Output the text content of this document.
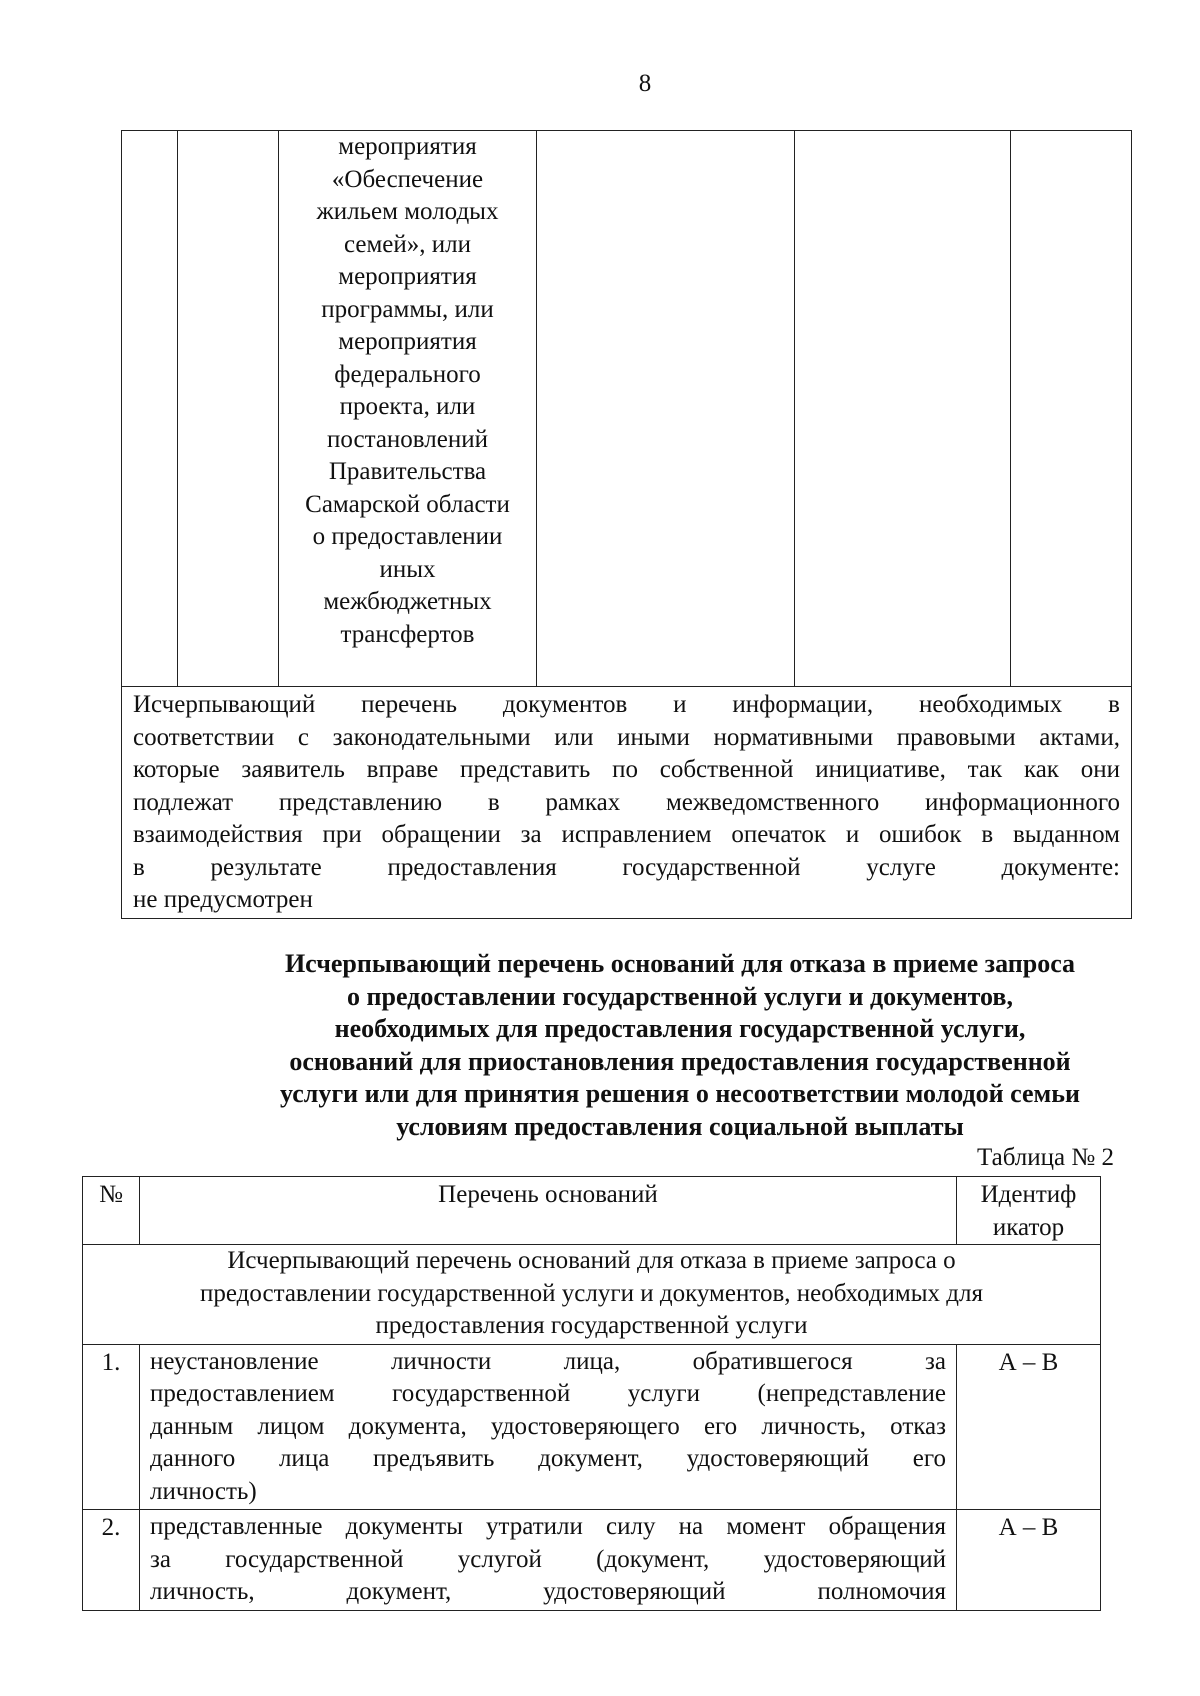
8

мероприятия
«Обеспечение
жильем молодых
семей», или
мероприятия
программы, или
мероприятия
федерального
проекта, или
постановлений
Правительства
Самарской области
о предоставлении
иных
межбюджетных
трансфертов

Исчерпывающий перечень документов и информации, необходимых в
соответствии с законодательными или иными нормативными правовыми актами,
которые заявитель вправе представить по собственной инициативе, так как они
подлежат представлению в рамках межведомственного информационного
взаимодействия при обращении за исправлением опечаток и ошибок в выданном
в результате предоставления государственной услуге документе:
не предусмотрен
Исчерпывающий перечень оснований для отказа в приеме запроса
о предоставлении государственной услуги и документов,
необходимых для предоставления государственной услуги,
оснований для приостановления предоставления государственной
услуги или для принятия решения о несоответствии молодой семьи
условиям предоставления социальной выплаты
Таблица № 2
№	Перечень оснований	Идентиф
икатор

Исчерпывающий перечень оснований для отказа в приеме запроса о
предоставлении государственной услуги и документов, необходимых для
предоставления государственной услуги		

1.	неустановление личности лица, обратившегося за
предоставлением государственной услуги (непредставление
данным лицом документа, удостоверяющего его личность, отказ
данного лица предъявить документ, удостоверяющий его
личность)	А – В
2.	представленные документы утратили силу на момент обращения
за государственной услугой (документ, удостоверяющий
личность, документ, удостоверяющий полномочия	А – В
